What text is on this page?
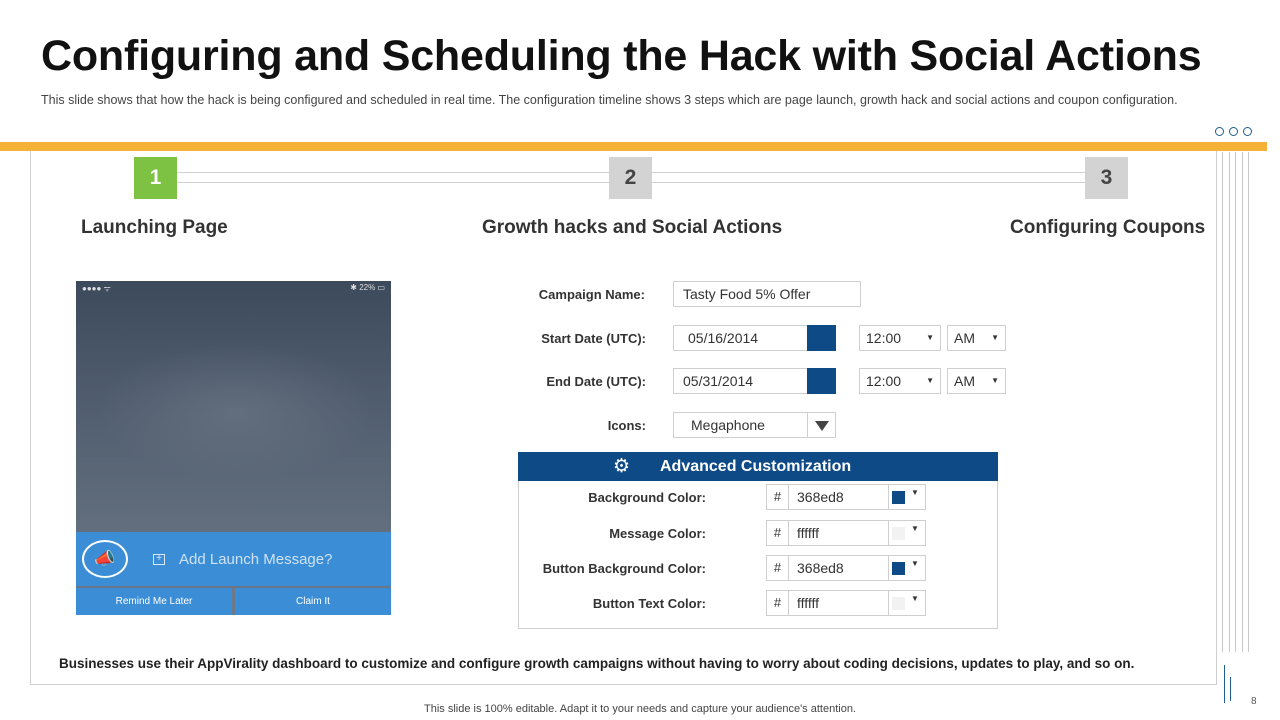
Configuring and Scheduling the Hack with Social Actions
This slide shows that how the hack is being configured and scheduled in real time. The configuration timeline shows 3 steps which are page launch, growth hack and social actions and coupon configuration.
1	2	3
Launching Page	Growth hacks and Social Actions	Configuring Coupons
●●●● ᯤ	✱ 22% ▭
📣	+ Add Launch Message?
Remind Me Later	Claim It
Campaign Name:	Tasty Food 5% Offer
Start Date (UTC):	05/16/2014	12:00	▼	AM ▼
End Date (UTC):	05/31/2014	12:00	▼	AM ▼
Icons:	Megaphone
⚙ Advanced Customization
Background Color:	#	368ed8	▼
Message Color:	#	ffffff	▼
Button Background Color:	#	368ed8	▼
Button Text Color:	#	ffffff	▼
Businesses use their AppVirality dashboard to customize and configure growth campaigns without having to worry about coding decisions, updates to play, and so on.
8
This slide is 100% editable. Adapt it to your needs and capture your audience's attention.
